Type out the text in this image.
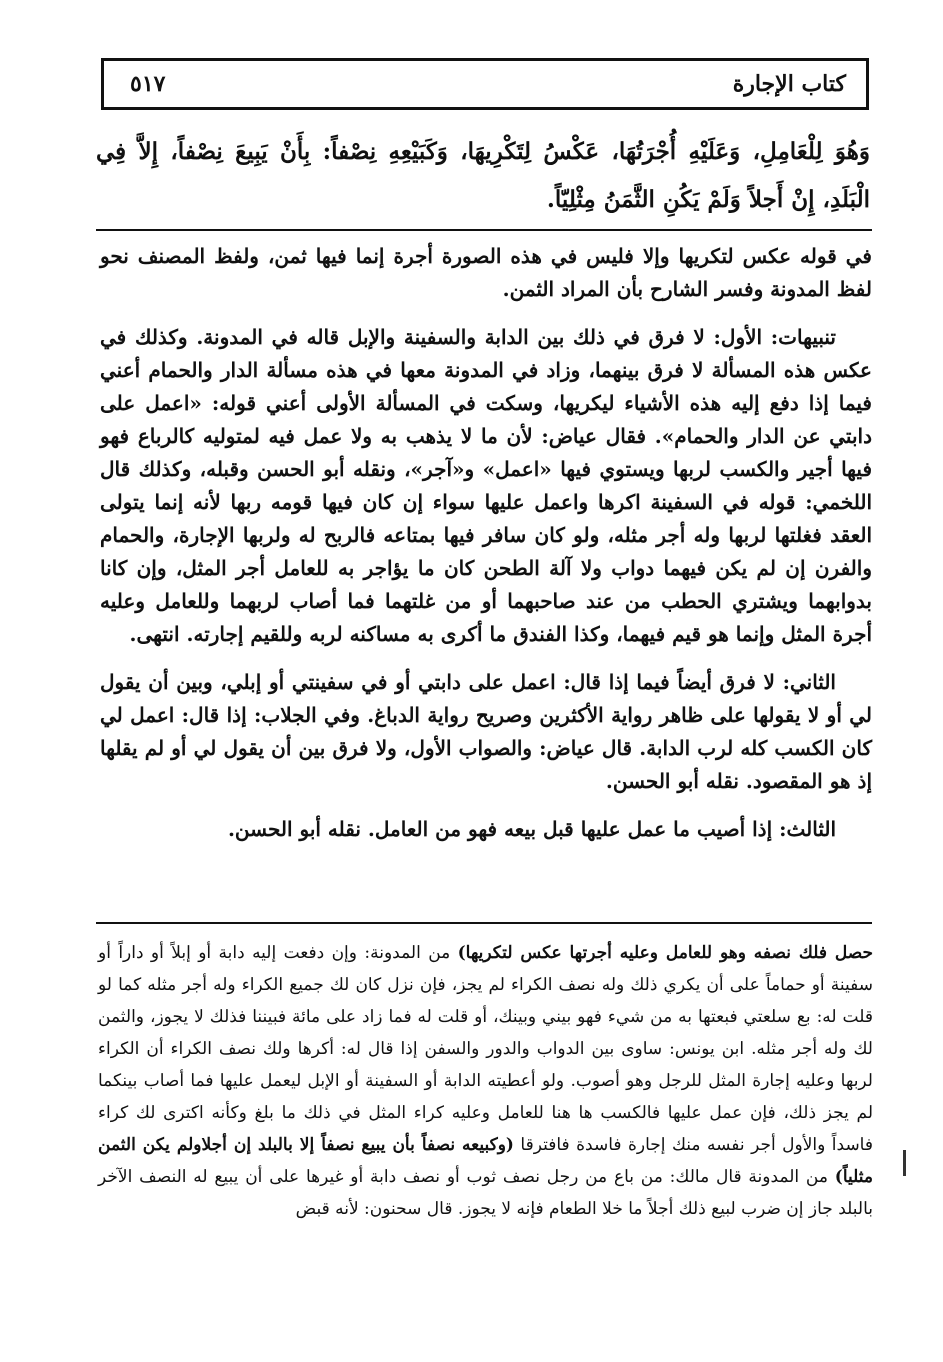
٥١٧	كتاب الإجارة
وَهُوَ لِلْعَامِلِ، وَعَلَيْهِ أُجْرَتُهَا، عَكْسُ لِتَكْرِيهَا، وَكَبَيْعِهِ نِصْفاً: بِأَنْ يَبِيعَ نِصْفاً، إِلاَّ فِي الْبَلَدِ، إِنْ أَجلاً وَلَمْ يَكُنِ الثَّمَنُ مِثْلِيّاً.

في قوله عكس لتكريها وإلا فليس في هذه الصورة أجرة إنما فيها ثمن، ولفظ المصنف نحو لفظ المدونة وفسر الشارح بأن المراد الثمن.

تنبيهات: الأول: لا فرق في ذلك بين الدابة والسفينة والإبل قاله في المدونة. وكذلك في عكس هذه المسألة لا فرق بينهما، وزاد في المدونة معها في هذه مسألة الدار والحمام أعني فيما إذا دفع إليه هذه الأشياء ليكريها، وسكت في المسألة الأولى أعني قوله: «اعمل على دابتي عن الدار والحمام». فقال عياض: لأن ما لا يذهب به ولا عمل فيه لمتوليه كالرباع فهو فيها أجير والكسب لربها ويستوي فيها «اعمل» و«آجر»، ونقله أبو الحسن وقبله، وكذلك قال اللخمي: قوله في السفينة اكرها واعمل عليها سواء إن كان فيها قومه ربها لأنه إنما يتولى العقد فغلتها لربها وله أجر مثله، ولو كان سافر فيها بمتاعه فالربح له ولربها الإجارة، والحمام والفرن إن لم يكن فيهما دواب ولا آلة الطحن كان ما يؤاجر به للعامل أجر المثل، وإن كانا بدوابهما ويشتري الحطب من عند صاحبهما أو من غلتهما فما أصاب لربهما وللعامل وعليه أجرة المثل وإنما هو قيم فيهما، وكذا الفندق ما أكرى به مساكنه لربه وللقيم إجارته. انتهى.

الثاني: لا فرق أيضاً فيما إذا قال: اعمل على دابتي أو في سفينتي أو إبلي، وبين أن يقول لي أو لا يقولها على ظاهر رواية الأكثرين وصريح رواية الدباغ. وفي الجلاب: إذا قال: اعمل لي كان الكسب كله لرب الدابة. قال عياض: والصواب الأول، ولا فرق بين أن يقول لي أو لم يقلها إذ هو المقصود. نقله أبو الحسن.

الثالث: إذا أصيب ما عمل عليها قبل بيعه فهو من العامل. نقله أبو الحسن.

حصل فلك نصفه وهو للعامل وعليه أجرتها عكس لتكريها) من المدونة: وإن دفعت إليه دابة أو إبلاً أو داراً أو سفينة أو حماماً على أن يكري ذلك وله نصف الكراء لم يجز، فإن نزل كان لك جميع الكراء وله أجر مثله كما لو قلت له: بع سلعتي فبعتها به من شيء فهو بيني وبينك، أو قلت له فما زاد على مائة فبيننا فذلك لا يجوز، والثمن لك وله أجر مثله. ابن يونس: ساوى بين الدواب والدور والسفن إذا قال له: أكرها ولك نصف الكراء أن الكراء لربها وعليه إجارة المثل للرجل وهو أصوب. ولو أعطيته الدابة أو السفينة أو الإبل ليعمل عليها فما أصاب بينكما لم يجز ذلك، فإن عمل عليها فالكسب ها هنا للعامل وعليه كراء المثل في ذلك ما بلغ وكأنه اكترى لك كراء فاسداً والأول أجر نفسه منك إجارة فاسدة فافترقا (وكبيعه نصفاً بأن يبيع نصفاً إلا بالبلد إن أجلاولم يكن الثمن مثلياً) من المدونة قال مالك: من باع من رجل نصف ثوب أو نصف دابة أو غيرها على أن يبيع له النصف الآخر بالبلد جاز إن ضرب لبيع ذلك أجلاً ما خلا الطعام فإنه لا يجوز. قال سحنون: لأنه قبض
